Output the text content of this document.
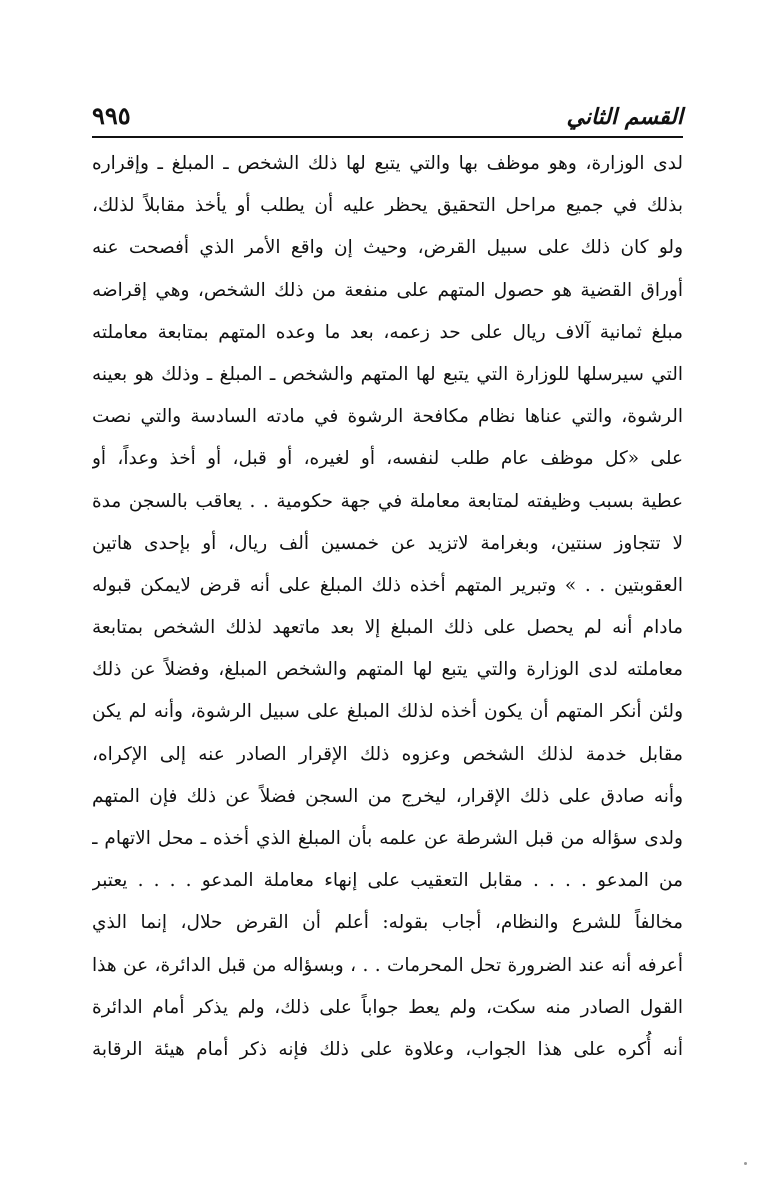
القسم الثاني
٩٩٥
لدى الوزارة، وهو موظف بها والتي يتبع لها ذلك الشخص ـ المبلغ ـ وإقراره
بذلك في جميع مراحل التحقيق يحظر عليه أن يطلب أو يأخذ مقابلاً لذلك،
ولو كان ذلك على سبيل القرض، وحيث إن واقع الأمر الذي أفصحت عنه
أوراق القضية هو حصول المتهم على منفعة من ذلك الشخص، وهي إقراضه
مبلغ ثمانية آلاف ريال على حد زعمه، بعد ما وعده المتهم بمتابعة معاملته
التي سيرسلها للوزارة التي يتبع لها المتهم والشخص ـ المبلغ ـ وذلك هو بعينه
الرشوة، والتي عناها نظام مكافحة الرشوة في مادته السادسة والتي نصت
على «كل موظف عام طلب لنفسه، أو لغيره، أو قبل، أو أخذ وعداً، أو
عطية بسبب وظيفته لمتابعة معاملة في جهة حكومية . . يعاقب بالسجن مدة
لا تتجاوز سنتين، وبغرامة لاتزيد عن خمسين ألف ريال، أو بإحدى هاتين
العقوبتين . . » وتبرير المتهم أخذه ذلك المبلغ على أنه قرض لايمكن قبوله
مادام أنه لم يحصل على ذلك المبلغ إلا بعد ماتعهد لذلك الشخص بمتابعة
معاملته لدى الوزارة والتي يتبع لها المتهم والشخص المبلغ، وفضلاً عن ذلك
ولئن أنكر المتهم أن يكون أخذه لذلك المبلغ على سبيل الرشوة، وأنه لم يكن
مقابل خدمة لذلك الشخص وعزوه ذلك الإقرار الصادر عنه إلى الإكراه،
وأنه صادق على ذلك الإقرار، ليخرج من السجن فضلاً عن ذلك فإن المتهم
ولدى سؤاله من قبل الشرطة عن علمه بأن المبلغ الذي أخذه ـ محل الاتهام ـ
من المدعو . . . . مقابل التعقيب على إنهاء معاملة المدعو . . . . يعتبر
مخالفاً للشرع والنظام، أجاب بقوله: أعلم أن القرض حلال، إنما الذي
أعرفه أنه عند الضرورة تحل المحرمات . . ، وبسؤاله من قبل الدائرة، عن هذا
القول الصادر منه سكت، ولم يعط جواباً على ذلك، ولم يذكر أمام الدائرة
أنه أُكره على هذا الجواب، وعلاوة على ذلك فإنه ذكر أمام هيئة الرقابة
